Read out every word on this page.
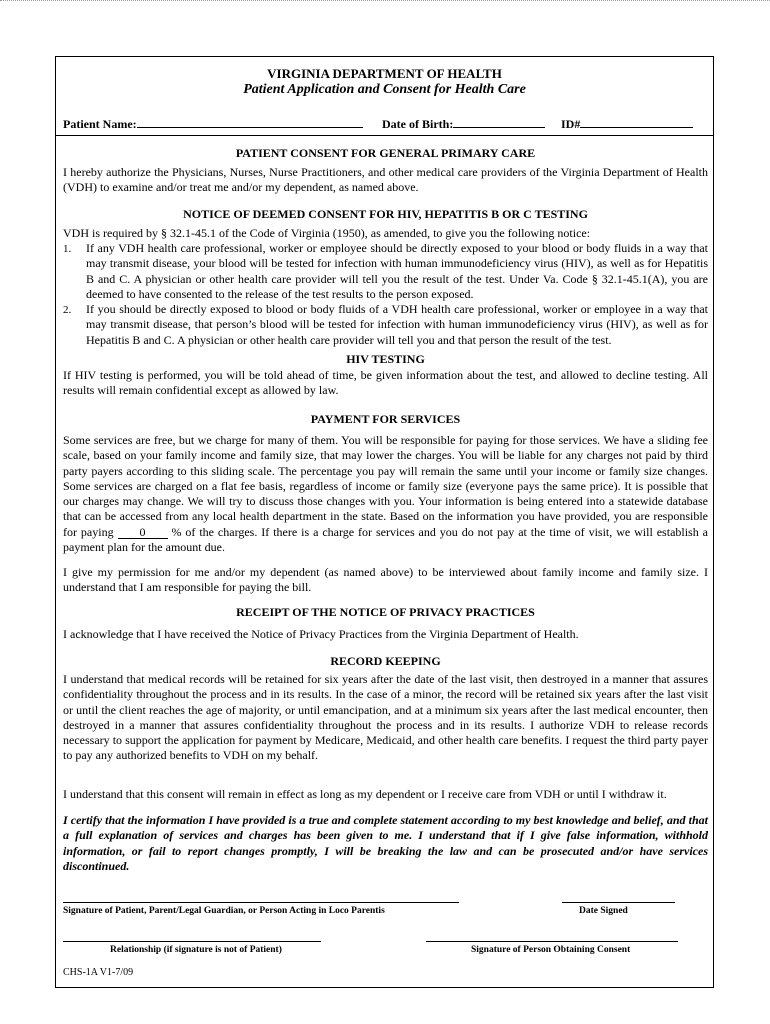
VIRGINIA DEPARTMENT OF HEALTH
Patient Application and Consent for Health Care
Patient Name:	Date of Birth:	ID#
PATIENT CONSENT FOR GENERAL PRIMARY CARE

I hereby authorize the Physicians, Nurses, Nurse Practitioners, and other medical care providers of the Virginia Department of Health (VDH) to examine and/or treat me and/or my dependent, as named above.

NOTICE OF DEEMED CONSENT FOR HIV, HEPATITIS B OR C TESTING

VDH is required by § 32.1-45.1 of the Code of Virginia (1950), as amended, to give you the following notice:

1. If any VDH health care professional, worker or employee should be directly exposed to your blood or body fluids in a way that may transmit disease, your blood will be tested for infection with human immunodeficiency virus (HIV), as well as for Hepatitis B and C. A physician or other health care provider will tell you the result of the test. Under Va. Code § 32.1-45.1(A), you are deemed to have consented to the release of the test results to the person exposed.

2. If you should be directly exposed to blood or body fluids of a VDH health care professional, worker or employee in a way that may transmit disease, that person’s blood will be tested for infection with human immunodeficiency virus (HIV), as well as for Hepatitis B and C. A physician or other health care provider will tell you and that person the result of the test.

HIV TESTING

If HIV testing is performed, you will be told ahead of time, be given information about the test, and allowed to decline testing. All results will remain confidential except as allowed by law.

PAYMENT FOR SERVICES

Some services are free, but we charge for many of them. You will be responsible for paying for those services. We have a sliding fee scale, based on your family income and family size, that may lower the charges. You will be liable for any charges not paid by third party payers according to this sliding scale. The percentage you pay will remain the same until your income or family size changes. Some services are charged on a flat fee basis, regardless of income or family size (everyone pays the same price). It is possible that our charges may change. We will try to discuss those changes with you. Your information is being entered into a statewide database that can be accessed from any local health department in the state. Based on the information you have provided, you are responsible for paying 0 % of the charges. If there is a charge for services and you do not pay at the time of visit, we will establish a payment plan for the amount due.

I give my permission for me and/or my dependent (as named above) to be interviewed about family income and family size. I understand that I am responsible for paying the bill.

RECEIPT OF THE NOTICE OF PRIVACY PRACTICES

I acknowledge that I have received the Notice of Privacy Practices from the Virginia Department of Health.

RECORD KEEPING

I understand that medical records will be retained for six years after the date of the last visit, then destroyed in a manner that assures confidentiality throughout the process and in its results. In the case of a minor, the record will be retained six years after the last visit or until the client reaches the age of majority, or until emancipation, and at a minimum six years after the last medical encounter, then destroyed in a manner that assures confidentiality throughout the process and in its results. I authorize VDH to release records necessary to support the application for payment by Medicare, Medicaid, and other health care benefits. I request the third party payer to pay any authorized benefits to VDH on my behalf.

I understand that this consent will remain in effect as long as my dependent or I receive care from VDH or until I withdraw it.

I certify that the information I have provided is a true and complete statement according to my best knowledge and belief, and that a full explanation of services and charges has been given to me. I understand that if I give false information, withhold information, or fail to report changes promptly, I will be breaking the law and can be prosecuted and/or have services discontinued.

Signature of Patient, Parent/Legal Guardian, or Person Acting in Loco Parentis	Date Signed
Relationship (if signature is not of Patient)	Signature of Person Obtaining Consent
CHS-1A V1-7/09
